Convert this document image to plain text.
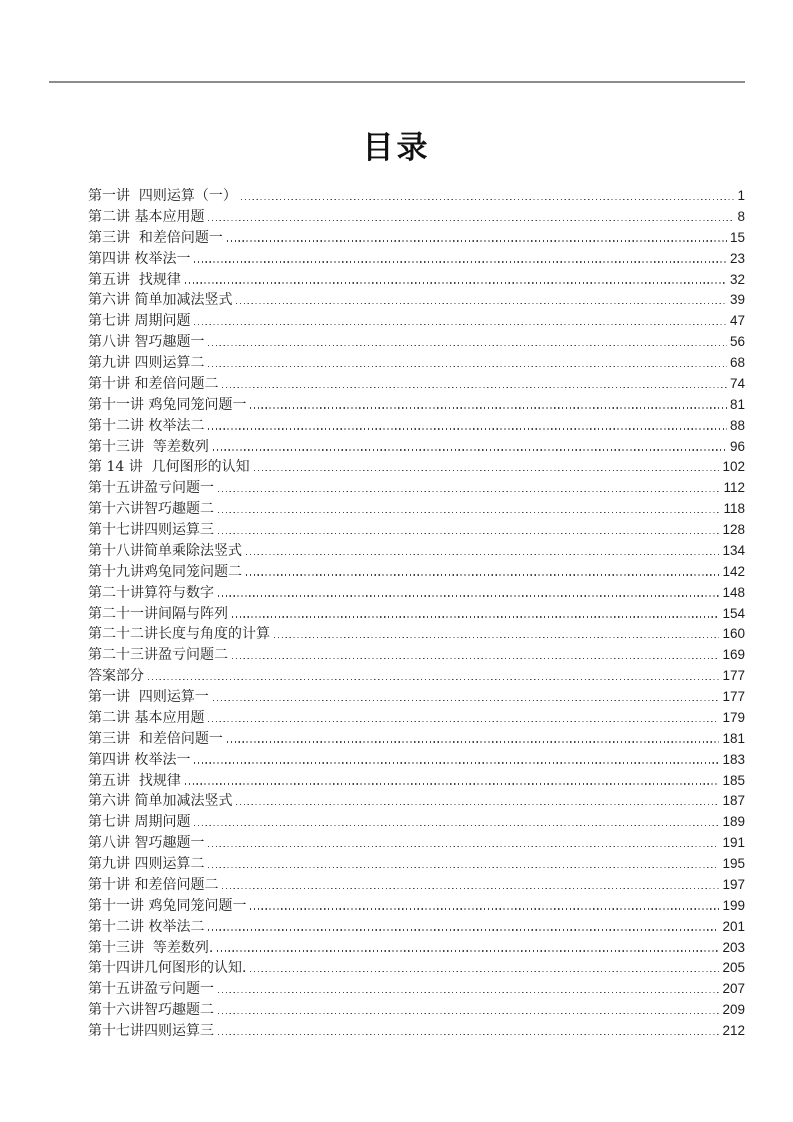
目录
第一讲  四则运算（一）	1
第二讲 基本应用题	8
第三讲  和差倍问题一	15
第四讲 枚举法一	23
第五讲  找规律	32
第六讲 简单加减法竖式	39
第七讲 周期问题	47
第八讲 智巧趣题一	56
第九讲 四则运算二	68
第十讲 和差倍问题二	74
第十一讲 鸡兔同笼问题一	81
第十二讲 枚举法二	88
第十三讲  等差数列	96
第 14 讲  几何图形的认知	102
第十五讲盈亏问题一	112
第十六讲智巧趣题二	118
第十七讲四则运算三	128
第十八讲简单乘除法竖式	134
第十九讲鸡兔同笼问题二	142
第二十讲算符与数字	148
第二十一讲间隔与阵列	154
第二十二讲长度与角度的计算	160
第二十三讲盈亏问题二	169
答案部分	177
第一讲  四则运算一	177
第二讲 基本应用题	179
第三讲  和差倍问题一	181
第四讲 枚举法一	183
第五讲  找规律	185
第六讲 简单加减法竖式	187
第七讲 周期问题	189
第八讲 智巧趣题一	191
第九讲 四则运算二	195
第十讲 和差倍问题二	197
第十一讲 鸡兔同笼问题一	199
第十二讲 枚举法二	201
第十三讲  等差数列.	203
第十四讲几何图形的认知.	205
第十五讲盈亏问题一	207
第十六讲智巧趣题二	209
第十七讲四则运算三	212
